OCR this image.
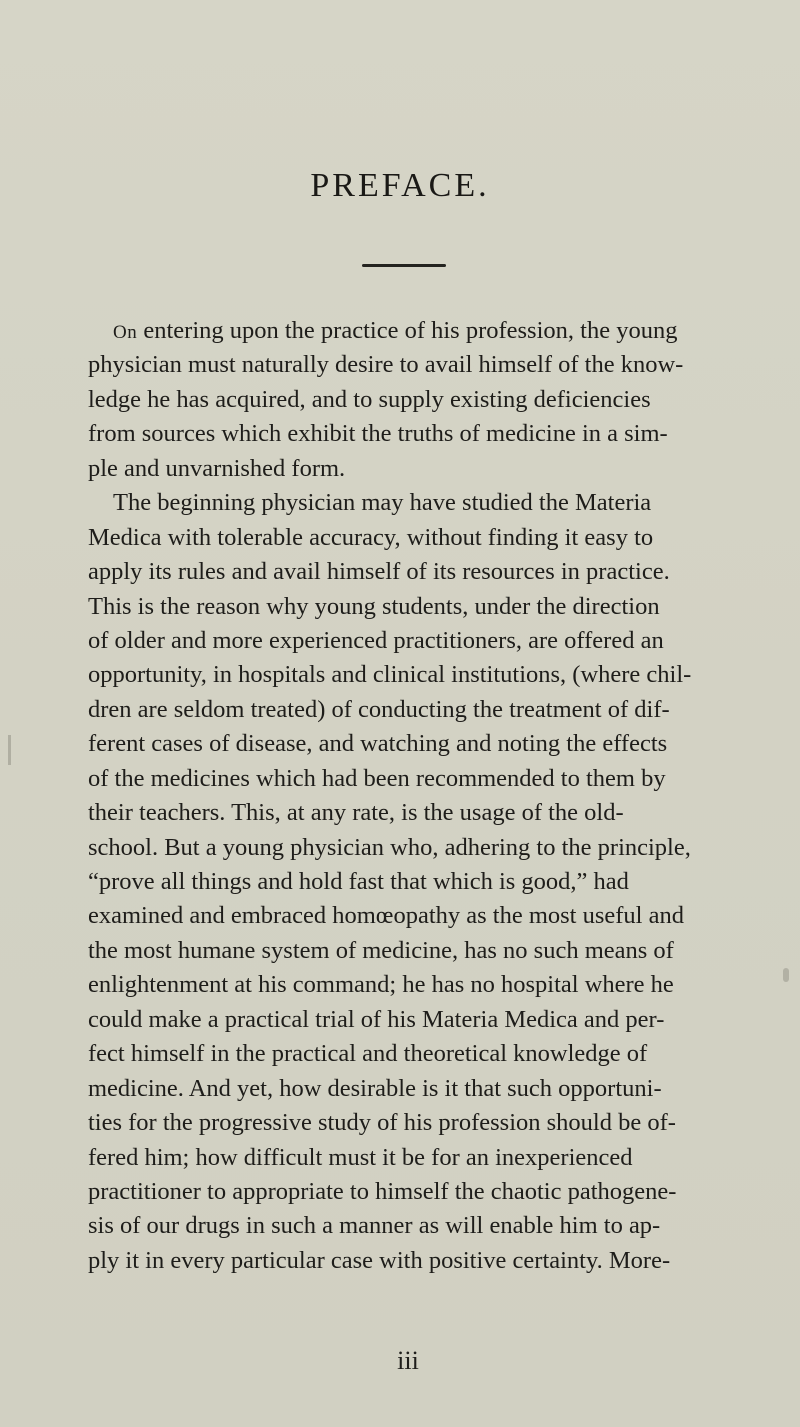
PREFACE.
On entering upon the practice of his profession, the young
physician must naturally desire to avail himself of the know-
ledge he has acquired, and to supply existing deficiencies
from sources which exhibit the truths of medicine in a sim-
ple and unvarnished form.
The beginning physician may have studied the Materia
Medica with tolerable accuracy, without finding it easy to
apply its rules and avail himself of its resources in practice.
This is the reason why young students, under the direction
of older and more experienced practitioners, are offered an
opportunity, in hospitals and clinical institutions, (where chil-
dren are seldom treated) of conducting the treatment of dif-
ferent cases of disease, and watching and noting the effects
of the medicines which had been recommended to them by
their teachers. This, at any rate, is the usage of the old-
school. But a young physician who, adhering to the principle,
“prove all things and hold fast that which is good,” had
examined and embraced homœopathy as the most useful and
the most humane system of medicine, has no such means of
enlightenment at his command; he has no hospital where he
could make a practical trial of his Materia Medica and per-
fect himself in the practical and theoretical knowledge of
medicine. And yet, how desirable is it that such opportuni-
ties for the progressive study of his profession should be of-
fered him; how difficult must it be for an inexperienced
practitioner to appropriate to himself the chaotic pathogene-
sis of our drugs in such a manner as will enable him to ap-
ply it in every particular case with positive certainty. More-
iii
